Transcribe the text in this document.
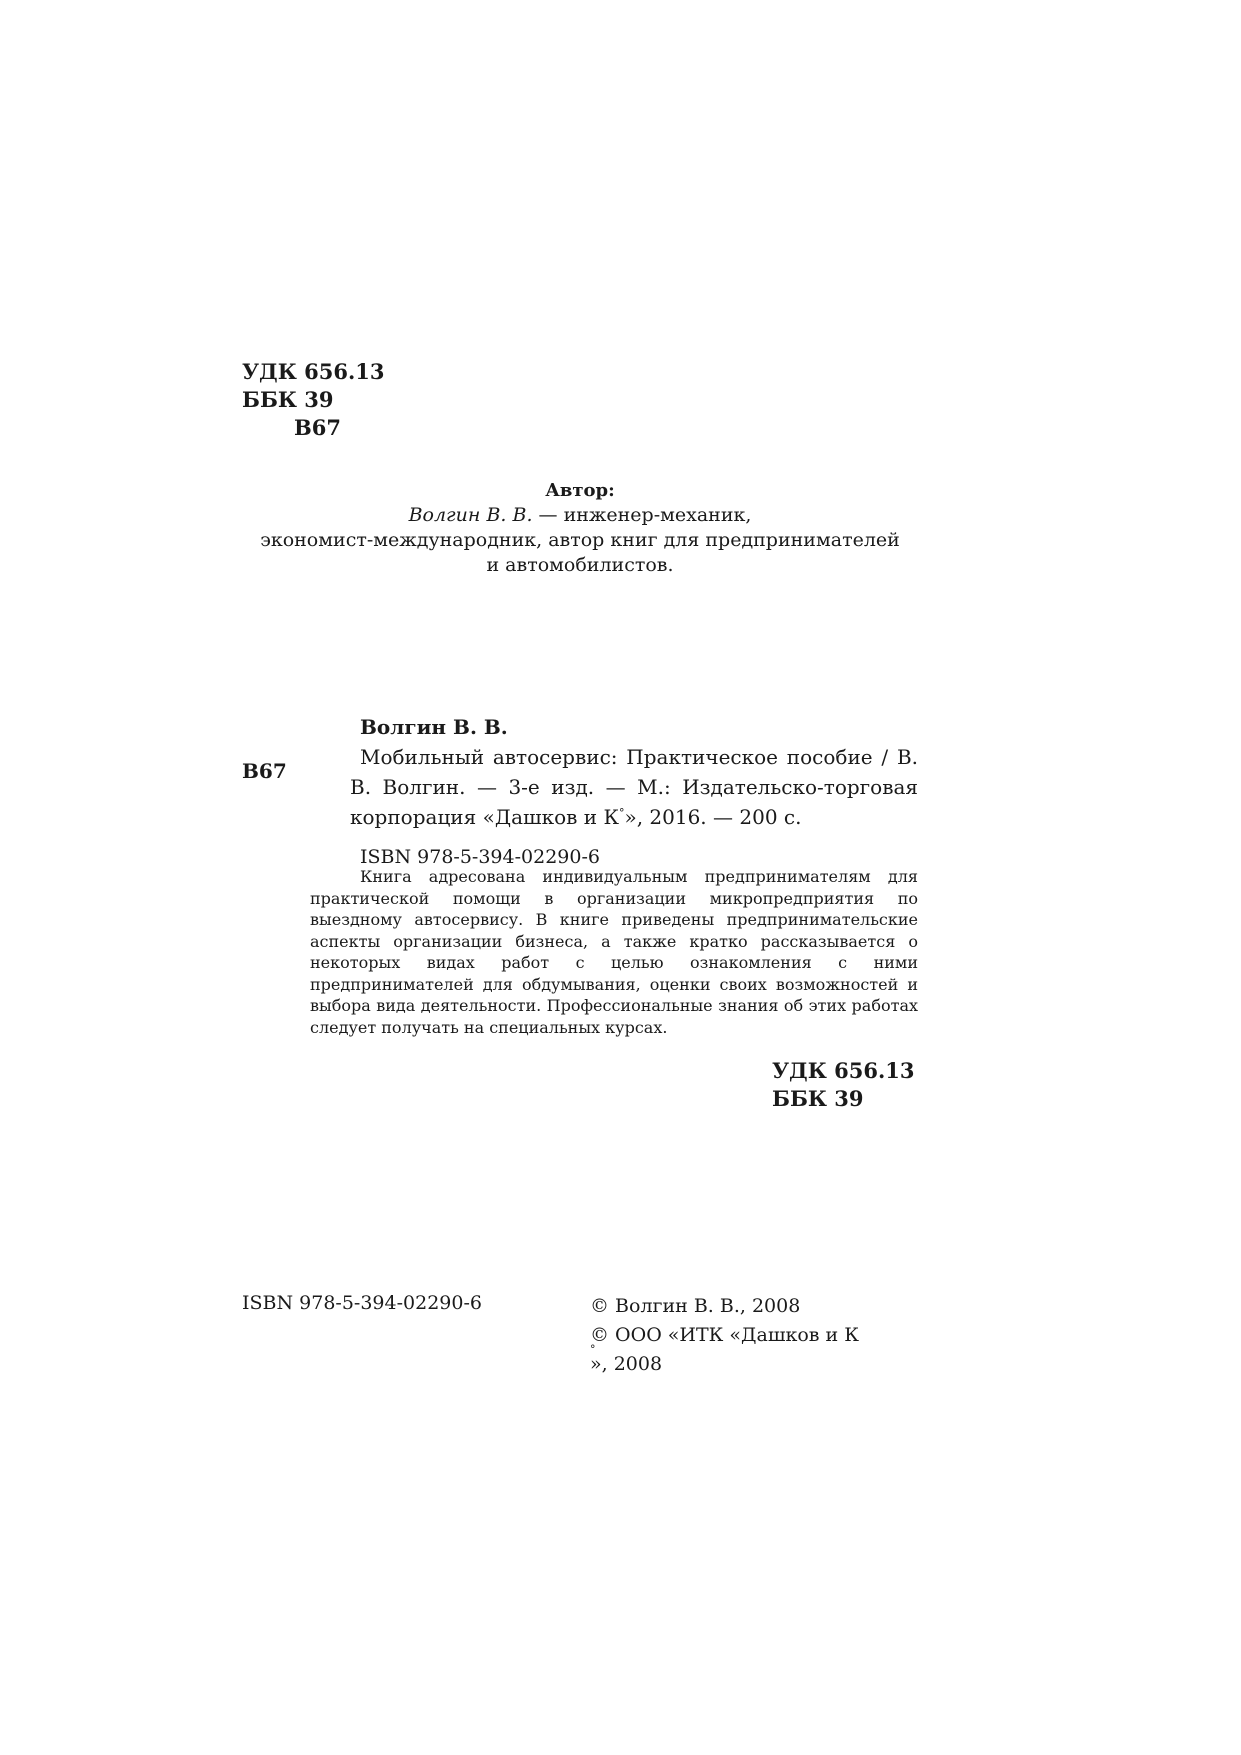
УДК 656.13
ББК 39
В67
Автор:
Волгин В. В. — инженер-механик,
экономист-международник, автор книг для предпринимателей
и автомобилистов.
В67
Волгин В. В.
Мобильный автосервис: Практическое пособие / В. В. Волгин. — 3-е изд. — М.: Издательско-торговая корпорация «Дашков и К°», 2016. — 200 с.
ISBN 978-5-394-02290-6

Книга адресована индивидуальным предпринимателям для практической помощи в организации микропредприятия по выездному автосервису. В книге приведены предпринимательские аспекты организации бизнеса, а также кратко рассказывается о некоторых видах работ с целью ознакомления с ними предпринимателей для обдумывания, оценки своих возможностей и выбора вида деятельности. Профессиональные знания об этих работах следует получать на специальных курсах.

УДК 656.13
ББК 39
ISBN 978-5-394-02290-6	© Волгин В. В., 2008
© ООО «ИТК «Дашков и К
°
», 2008
